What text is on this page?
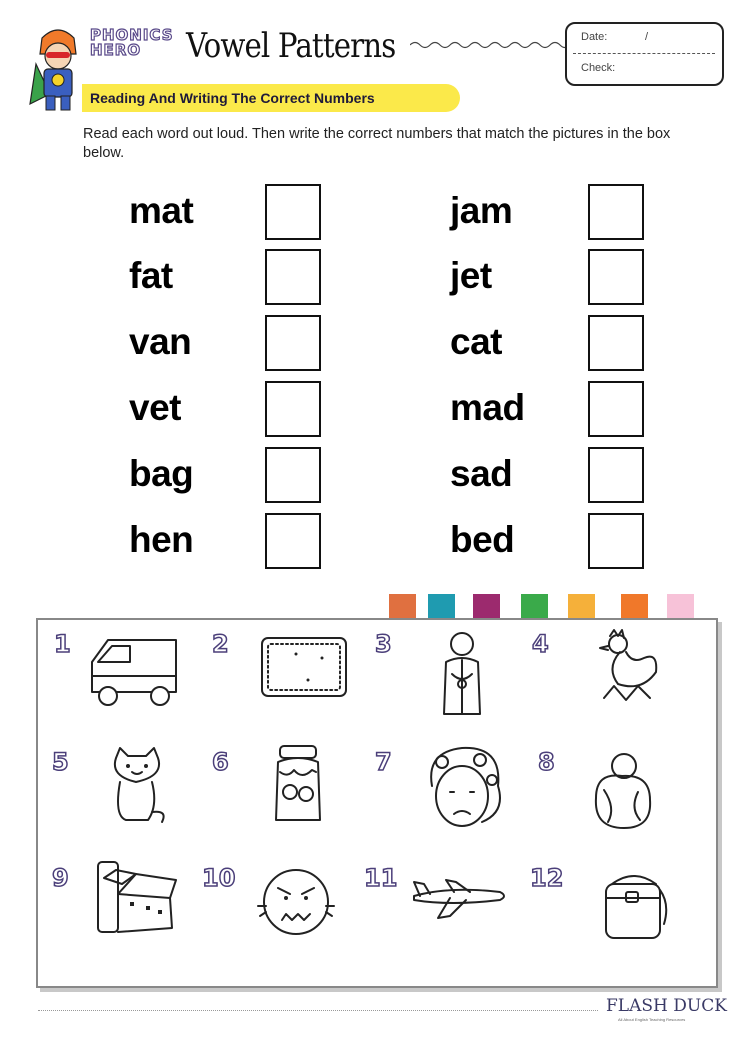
PHONICS
HERO	Vowel Patterns	Date:	/
Check:
Reading And Writing The Correct Numbers
Read each word out loud. Then write the correct numbers that match the pictures in the box below.
mat
fat
van
vet
bag
hen
jam
jet
cat
mad
sad
bed
1	2	3	4
5	6	7	8
9	10	11	12
FLASH DUCK
All About English Teaching Resources
